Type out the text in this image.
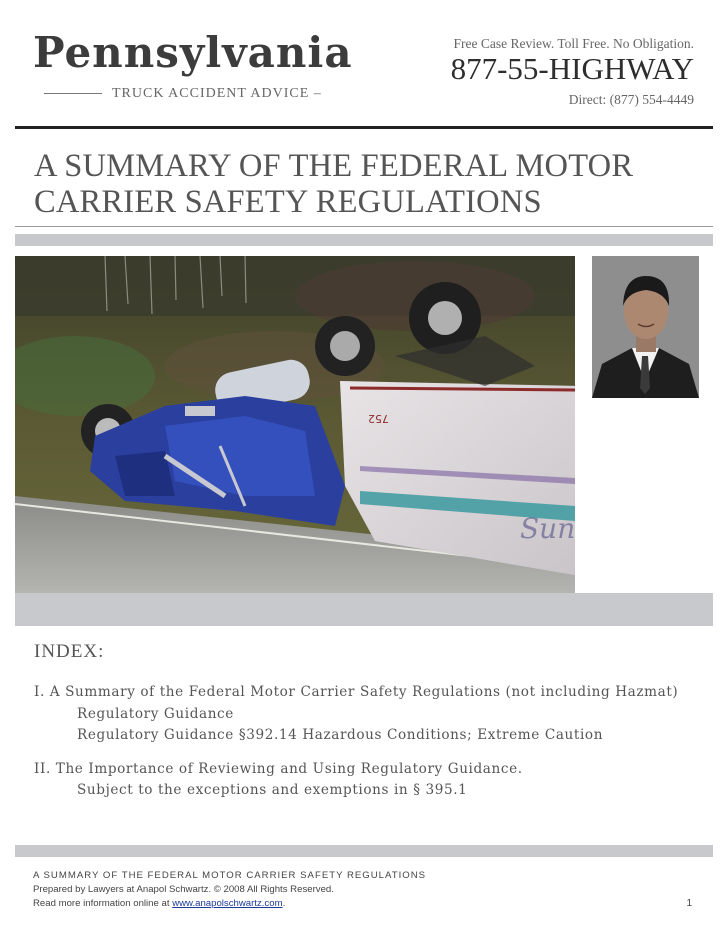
Pennsylvania
TRUCK ACCIDENT ADVICE –
Free Case Review. Toll Free. No Obligation.
877-55-HIGHWAY
Direct: (877) 554-4449
A SUMMARY OF THE FEDERAL MOTOR CARRIER SAFETY REGULATIONS
Sun
752	Mr. Ronca is a truck accident attorney with over 20 years of legal experience. He has twice been named a Pennsylvania Super Lawyer .
INDEX:
I. A Summary of the Federal Motor Carrier Safety Regulations (not including Hazmat)
Regulatory Guidance
Regulatory Guidance §392.14 Hazardous Conditions; Extreme Caution
II. The Importance of Reviewing and Using Regulatory Guidance.
Subject to the exceptions and exemptions in § 395.1
A SUMMARY OF THE FEDERAL MOTOR CARRIER SAFETY REGULATIONS
Prepared by Lawyers at Anapol Schwartz. © 2008 All Rights Reserved.
Read more information online at www.anapolschwartz.com.	1
